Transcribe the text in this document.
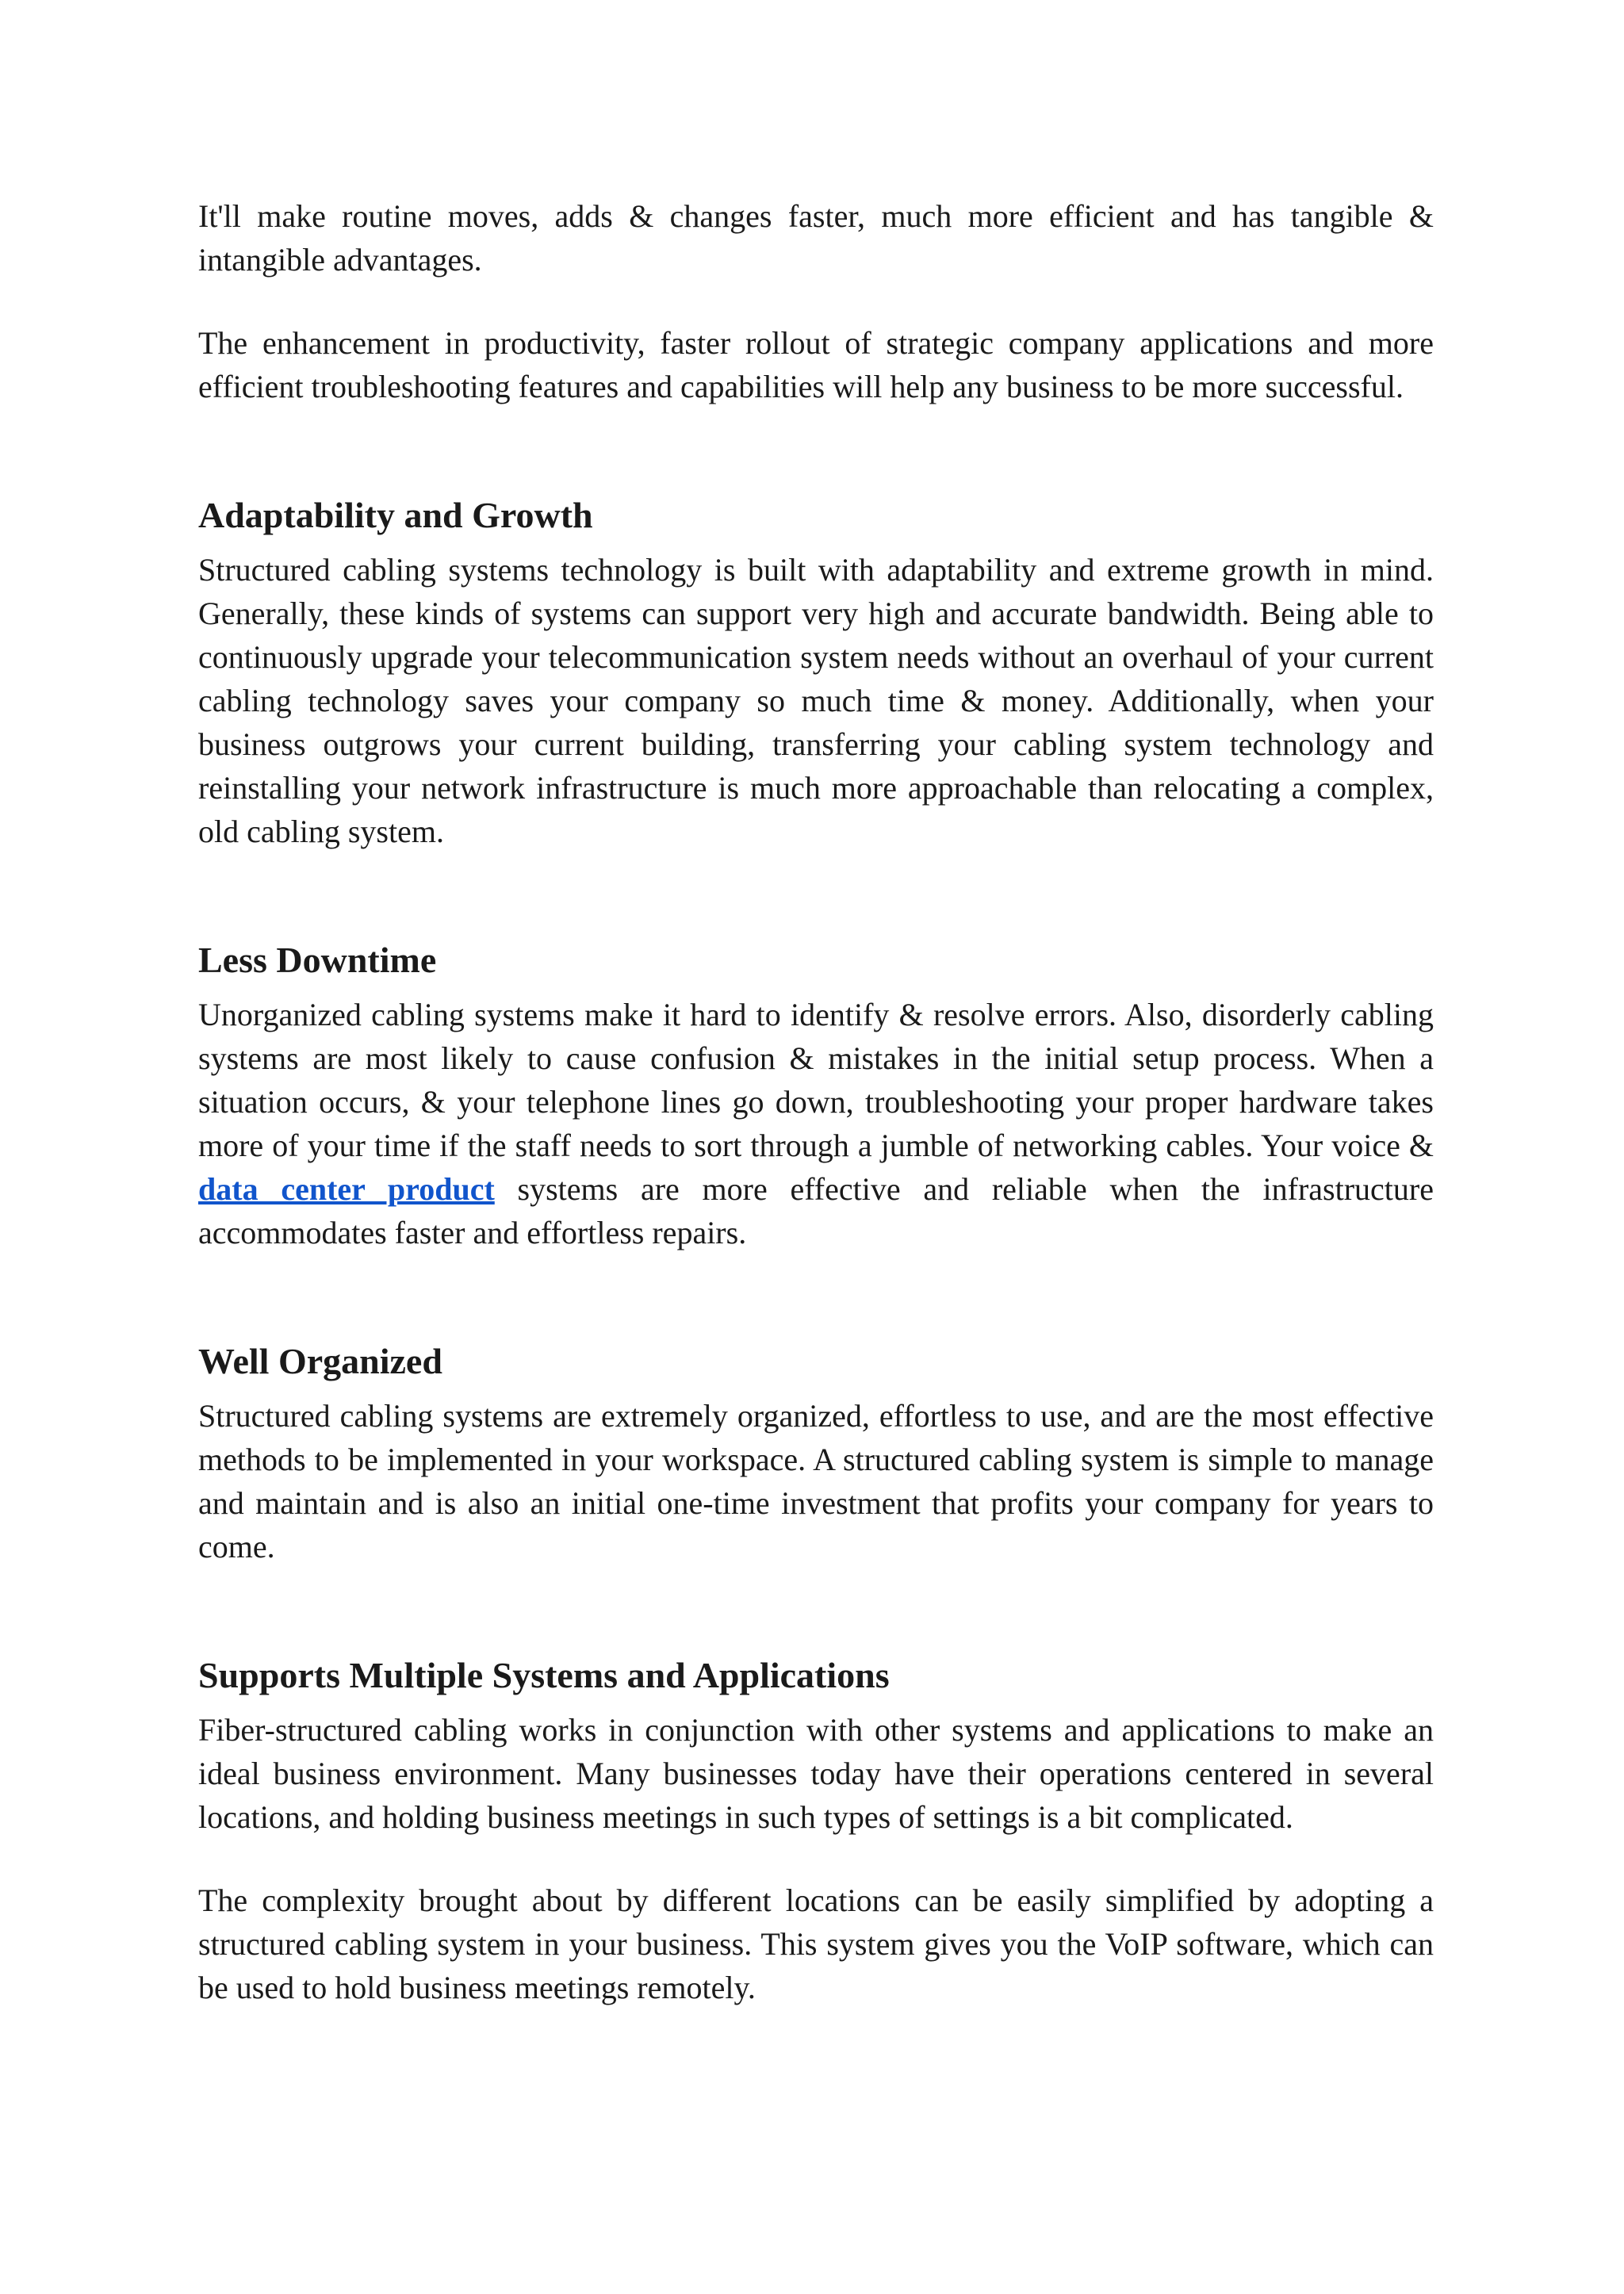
It'll make routine moves, adds & changes faster, much more efficient and has tangible & intangible advantages.

The enhancement in productivity, faster rollout of strategic company applications and more efficient troubleshooting features and capabilities will help any business to be more successful.

Adaptability and Growth

Structured cabling systems technology is built with adaptability and extreme growth in mind. Generally, these kinds of systems can support very high and accurate bandwidth. Being able to continuously upgrade your telecommunication system needs without an overhaul of your current cabling technology saves your company so much time & money. Additionally, when your business outgrows your current building, transferring your cabling system technology and reinstalling your network infrastructure is much more approachable than relocating a complex, old cabling system.

Less Downtime

Unorganized cabling systems make it hard to identify & resolve errors. Also, disorderly cabling systems are most likely to cause confusion & mistakes in the initial setup process. When a situation occurs, & your telephone lines go down, troubleshooting your proper hardware takes more of your time if the staff needs to sort through a jumble of networking cables. Your voice & data center product systems are more effective and reliable when the infrastructure accommodates faster and effortless repairs.

Well Organized

Structured cabling systems are extremely organized, effortless to use, and are the most effective methods to be implemented in your workspace. A structured cabling system is simple to manage and maintain and is also an initial one-time investment that profits your company for years to come.

Supports Multiple Systems and Applications

Fiber-structured cabling works in conjunction with other systems and applications to make an ideal business environment. Many businesses today have their operations centered in several locations, and holding business meetings in such types of settings is a bit complicated.

The complexity brought about by different locations can be easily simplified by adopting a structured cabling system in your business. This system gives you the VoIP software, which can be used to hold business meetings remotely.
